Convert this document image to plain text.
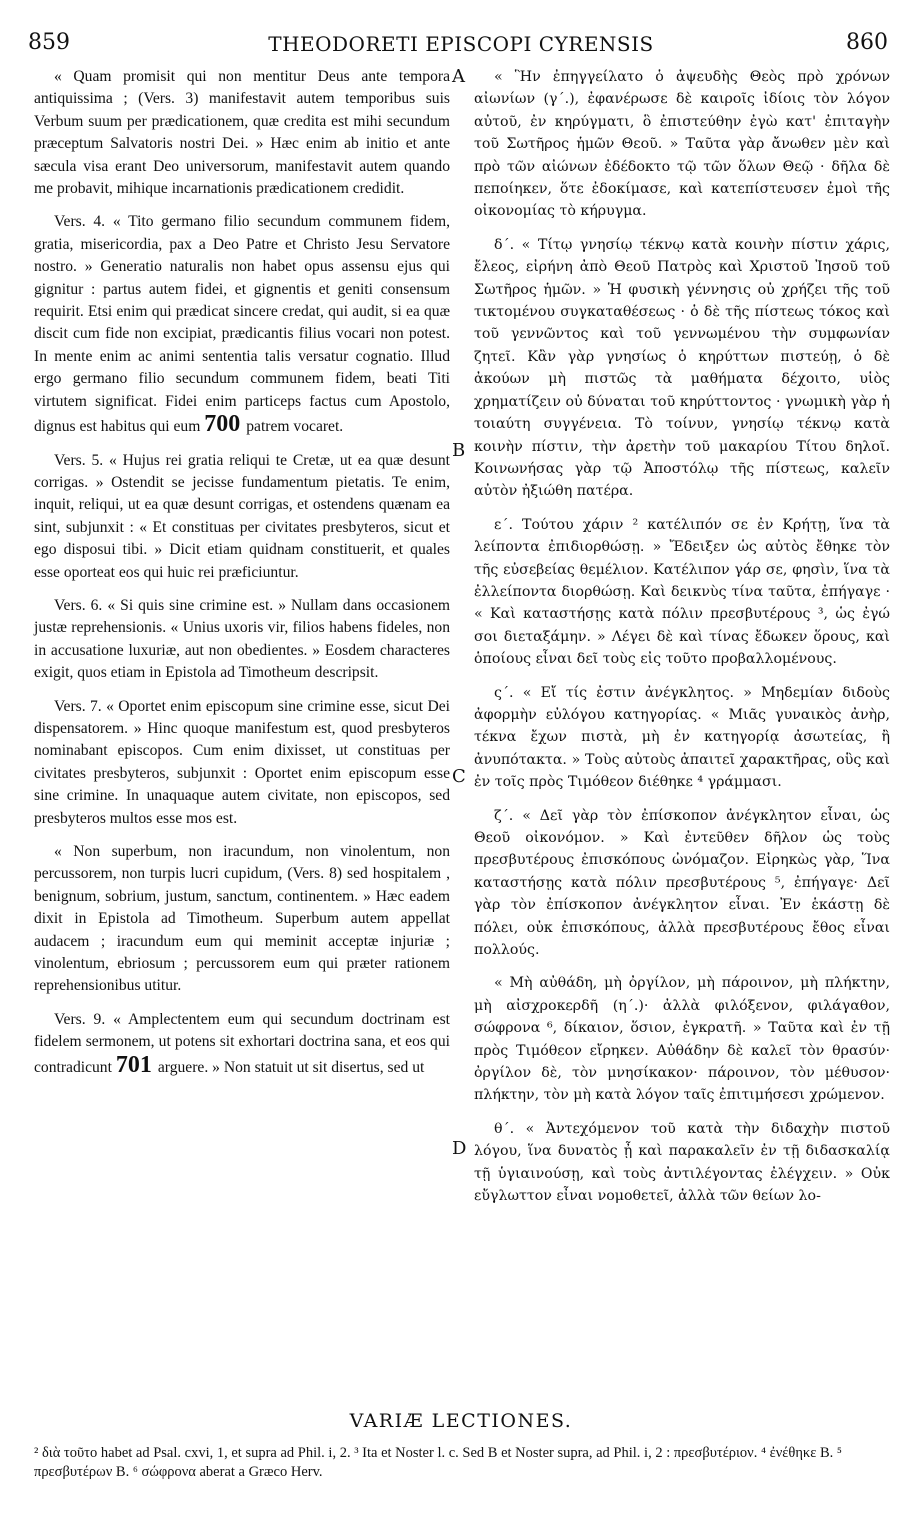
859	THEODORETI EPISCOPI CYRENSIS	860

« Quam promisit qui non mentitur Deus ante tempora antiquissima ; (Vers. 3) manifestavit autem temporibus suis Verbum suum per prædicationem, quæ credita est mihi secundum præceptum Salvatoris nostri Dei. » Hæc enim ab initio et ante sæcula visa erant Deo universorum, manifestavit autem quando me probavit, mihique incarnationis prædicationem credidit.

Vers. 4. « Tito germano filio secundum communem fidem, gratia, misericordia, pax a Deo Patre et Christo Jesu Servatore nostro. » Generatio naturalis non habet opus assensu ejus qui gignitur : partus autem fidei, et gignentis et geniti consensum requirit. Etsi enim qui prædicat sincere credat, qui audit, si ea quæ discit cum fide non excipiat, prædicantis filius vocari non potest. In mente enim ac animi sententia talis versatur cognatio. Illud ergo germano filio secundum communem fidem, beati Titi virtutem significat. Fidei enim particeps factus cum Apostolo, dignus est habitus qui eum 700 patrem vocaret.

Vers. 5. « Hujus rei gratia reliqui te Cretæ, ut ea quæ desunt corrigas. » Ostendit se jecisse fundamentum pietatis. Te enim, inquit, reliqui, ut ea quæ desunt corrigas, et ostendens quænam ea sint, subjunxit : « Et constituas per civitates presbyteros, sicut et ego disposui tibi. » Dicit etiam quidnam constituerit, et quales esse oporteat eos qui huic rei præficiuntur.

Vers. 6. « Si quis sine crimine est. » Nullam dans occasionem justæ reprehensionis. « Unius uxoris vir, filios habens fideles, non in accusatione luxuriæ, aut non obedientes. » Eosdem characteres exigit, quos etiam in Epistola ad Timotheum descripsit.

Vers. 7. « Oportet enim episcopum sine crimine esse, sicut Dei dispensatorem. » Hinc quoque manifestum est, quod presbyteros nominabant episcopos. Cum enim dixisset, ut constituas per civitates presbyteros, subjunxit : Oportet enim episcopum esse sine crimine. In unaquaque autem civitate, non episcopos, sed presbyteros multos esse mos est.

« Non superbum, non iracundum, non vinolentum, non percussorem, non turpis lucri cupidum, (Vers. 8) sed hospitalem , benignum, sobrium, justum, sanctum, continentem. » Hæc eadem dixit in Epistola ad Timotheum. Superbum autem appellat audacem ; iracundum eum qui meminit acceptæ injuriæ ; vinolentum, ebriosum ; percussorem eum qui præter rationem reprehensionibus utitur.

Vers. 9. « Amplectentem eum qui secundum doctrinam est fidelem sermonem, ut potens sit exhortari doctrina sana, et eos qui contradicunt 701 arguere. » Non statuit ut sit disertus, sed ut

A
B
C
D

« Ἣν ἐπηγγείλατο ὁ ἀψευδὴς Θεὸς πρὸ χρόνων αἰωνίων (γ΄.), ἐφανέρωσε δὲ καιροῖς ἰδίοις τὸν λόγον αὐτοῦ, ἐν κηρύγματι, ὃ ἐπιστεύθην ἐγὼ κατ' ἐπιταγὴν τοῦ Σωτῆρος ἡμῶν Θεοῦ. » Ταῦτα γὰρ ἄνωθεν μὲν καὶ πρὸ τῶν αἰώνων ἐδέδοκτο τῷ τῶν ὅλων Θεῷ · δῆλα δὲ πεποίηκεν, ὅτε ἐδοκίμασε, καὶ κατεπίστευσεν ἐμοὶ τῆς οἰκονομίας τὸ κήρυγμα.

δ΄. « Τίτῳ γνησίῳ τέκνῳ κατὰ κοινὴν πίστιν χάρις, ἔλεος, εἰρήνη ἀπὸ Θεοῦ Πατρὸς καὶ Χριστοῦ Ἰησοῦ τοῦ Σωτῆρος ἡμῶν. » Ἡ φυσικὴ γέννησις οὐ χρήζει τῆς τοῦ τικτομένου συγκαταθέσεως · ὁ δὲ τῆς πίστεως τόκος καὶ τοῦ γεννῶντος καὶ τοῦ γεννωμένου τὴν συμφωνίαν ζητεῖ. Κἂν γὰρ γνησίως ὁ κηρύττων πιστεύῃ, ὁ δὲ ἀκούων μὴ πιστῶς τὰ μαθήματα δέχοιτο, υἱὸς χρηματίζειν οὐ δύναται τοῦ κηρύττοντος · γνωμικὴ γὰρ ἡ τοιαύτη συγγένεια. Τὸ τοίνυν, γνησίῳ τέκνῳ κατὰ κοινὴν πίστιν, τὴν ἀρετὴν τοῦ μακαρίου Τίτου δηλοῖ. Κοινωνήσας γὰρ τῷ Ἀποστόλῳ τῆς πίστεως, καλεῖν αὐτὸν ἠξιώθη πατέρα.

ε΄. Τούτου χάριν ² κατέλιπόν σε ἐν Κρήτῃ, ἵνα τὰ λείποντα ἐπιδιορθώσῃ. » Ἔδειξεν ὡς αὐτὸς ἔθηκε τὸν τῆς εὐσεβείας θεμέλιον. Κατέλιπον γάρ σε, φησὶν, ἵνα τὰ ἐλλείποντα διορθώσῃ. Καὶ δεικνὺς τίνα ταῦτα, ἐπήγαγε · « Καὶ καταστήσῃς κατὰ πόλιν πρεσβυτέρους ³, ὡς ἐγώ σοι διεταξάμην. » Λέγει δὲ καὶ τίνας ἔδωκεν ὅρους, καὶ ὁποίους εἶναι δεῖ τοὺς εἰς τοῦτο προβαλλομένους.

ς΄. « Εἴ τίς ἐστιν ἀνέγκλητος. » Μηδεμίαν διδοὺς ἀφορμὴν εὐλόγου κατηγορίας. « Μιᾶς γυναικὸς ἀνὴρ, τέκνα ἔχων πιστὰ, μὴ ἐν κατηγορίᾳ ἀσωτείας, ἢ ἀνυπότακτα. » Τοὺς αὐτοὺς ἀπαιτεῖ χαρακτῆρας, οὓς καὶ ἐν τοῖς πρὸς Τιμόθεον διέθηκε ⁴ γράμμασι.

ζ΄. « Δεῖ γὰρ τὸν ἐπίσκοπον ἀνέγκλητον εἶναι, ὡς Θεοῦ οἰκονόμον. » Καὶ ἐντεῦθεν δῆλον ὡς τοὺς πρεσβυτέρους ἐπισκόπους ὠνόμαζον. Εἰρηκὼς γὰρ, Ἵνα καταστήσῃς κατὰ πόλιν πρεσβυτέρους ⁵, ἐπήγαγε· Δεῖ γὰρ τὸν ἐπίσκοπον ἀνέγκλητον εἶναι. Ἐν ἑκάστῃ δὲ πόλει, οὐκ ἐπισκόπους, ἀλλὰ πρεσβυτέρους ἔθος εἶναι πολλούς.

« Μὴ αὐθάδη, μὴ ὀργίλον, μὴ πάροινον, μὴ πλήκτην, μὴ αἰσχροκερδῆ (η΄.)· ἀλλὰ φιλόξενον, φιλάγαθον, σώφρονα ⁶, δίκαιον, ὅσιον, ἐγκρατῆ. » Ταῦτα καὶ ἐν τῇ πρὸς Τιμόθεον εἴρηκεν. Αὐθάδην δὲ καλεῖ τὸν θρασύν· ὀργίλον δὲ, τὸν μνησίκακον· πάροινον, τὸν μέθυσον· πλήκτην, τὸν μὴ κατὰ λόγον ταῖς ἐπιτιμήσεσι χρώμενον.

θ΄. « Ἀντεχόμενον τοῦ κατὰ τὴν διδαχὴν πιστοῦ λόγου, ἵνα δυνατὸς ᾖ καὶ παρακαλεῖν ἐν τῇ διδασκαλίᾳ τῇ ὑγιαινούσῃ, καὶ τοὺς ἀντιλέγοντας ἐλέγχειν. » Οὐκ εὔγλωττον εἶναι νομοθετεῖ, ἀλλὰ τῶν θείων λο-

VARIÆ LECTIONES.
² διὰ τοῦτο habet ad Psal. cxvi, 1, et supra ad Phil. i, 2. ³ Ita et Noster l. c. Sed B et Noster supra, ad Phil. i, 2 : πρεσβυτέριον. ⁴ ἐνέθηκε B. ⁵ πρεσβυτέρων B. ⁶ σώφρονα aberat a Græco Herv.
